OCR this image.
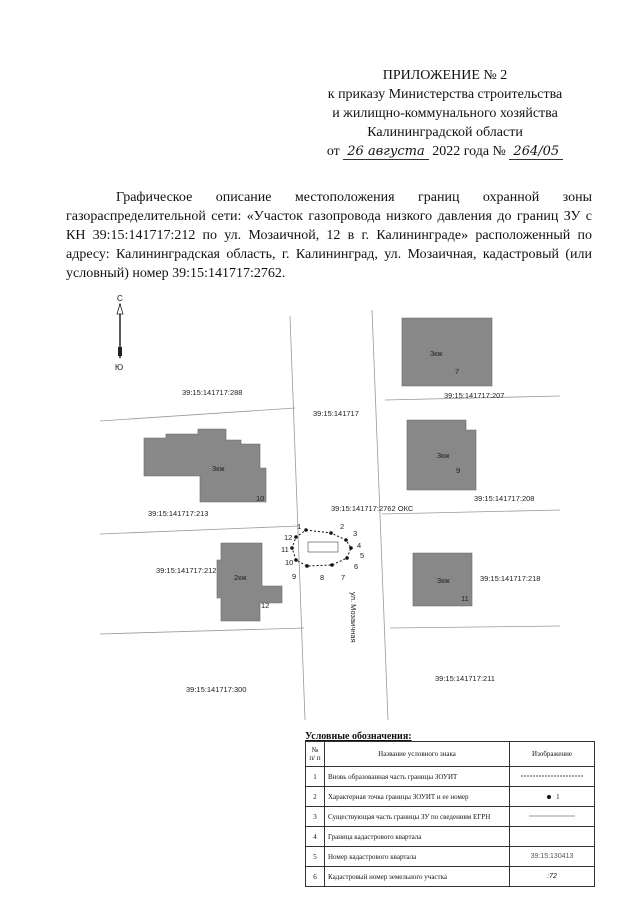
ПРИЛОЖЕНИЕ № 2
к приказу Министерства строительства
и жилищно-коммунального хозяйства
Калининградской области
от 26 августа 2022 года № 264/05

Графическое описание местоположения границ охранной зоны газораспределительной сети: «Участок газопровода низкого давления до границ ЗУ с КН 39:15:141717:212 по ул. Мозаичной, 12 в г. Калининграде» расположенный по адресу: Калининградская область, г. Калининград, ул. Мозаичная, кадастровый (или условный) номер 39:15:141717:2762.

С
Ю
3кж
7
3кж
10
3кж
9
2кж
12
3кж
11
39:15:141717:288	39:15:141717:207
39:15:141717
39:15:141717:213
39:15:141717:208
39:15:141717:2762 ОКС
39:15:141717:212
39:15:141717:218
39:15:141717:300
39:15:141717:211
ул. Мозаичная
1	2
3
4
5
6
7
8
9
10
11
12
Условные обозначения:
№ п/ п	Название условного знака	Изображение
1	Вновь образованная часть границы ЗОУИТ	
2	Характерная точка границы ЗОУИТ и ее номер	1
3	Существующая часть границы ЗУ по сведениям ЕГРН	
4	Граница кадастрового квартала	
5	Номер кадастрового квартала	39:15:130413
6	Кадастровый номер земельного участка	:72
